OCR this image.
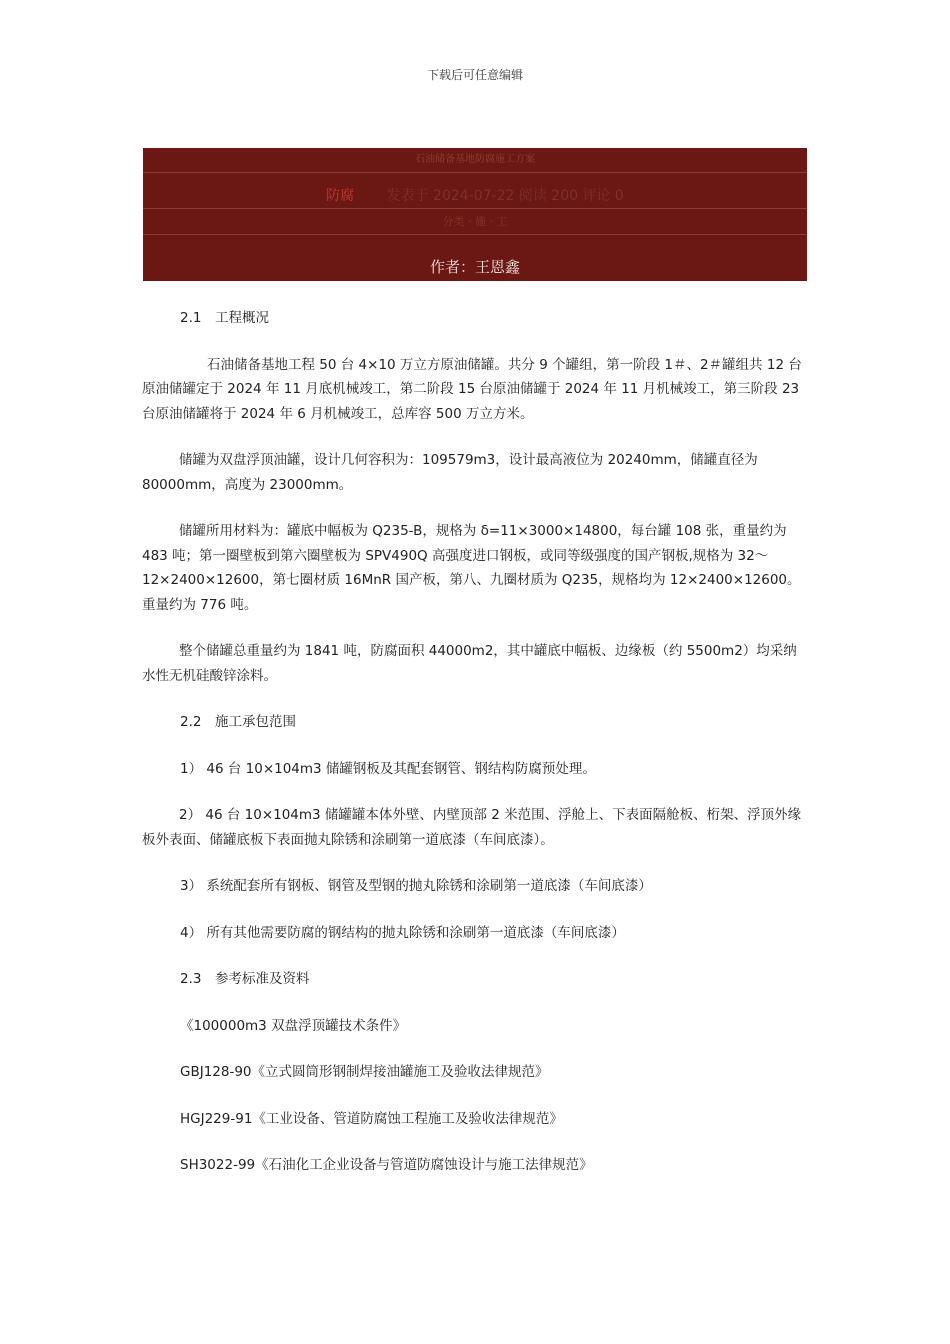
下载后可任意编辑
石油储备基地防腐施工方案
防腐 发表于 2024-07-22 阅读 200 评论 0
分类 · 施 · 工
作者：王恩鑫

2.1　工程概况

石油储备基地工程 50 台 4×10 万立方原油储罐。共分 9 个罐组，第一阶段 1＃、2＃罐组共 12 台原油储罐定于 2024 年 11 月底机械竣工，第二阶段 15 台原油储罐于 2024 年 11 月机械竣工，第三阶段 23 台原油储罐将于 2024 年 6 月机械竣工，总库容 500 万立方米。

储罐为双盘浮顶油罐，设计几何容积为：109579m3，设计最高液位为 20240mm，储罐直径为 80000mm，高度为 23000mm。

储罐所用材料为：罐底中幅板为 Q235-B，规格为 δ=11×3000×14800，每台罐 108 张，重量约为 483 吨；第一圈壁板到第六圈壁板为 SPV490Q 高强度进口钢板，或同等级强度的国产钢板,规格为 32～12×2400×12600，第七圈材质 16MnR 国产板，第八、九圈材质为 Q235，规格均为 12×2400×12600。重量约为 776 吨。

整个储罐总重量约为 1841 吨，防腐面积 44000m2，其中罐底中幅板、边缘板（约 5500m2）均采纳水性无机硅酸锌涂料。

2.2　施工承包范围

1） 46 台 10×104m3 储罐钢板及其配套钢管、钢结构防腐预处理。

2） 46 台 10×104m3 储罐罐本体外壁、内壁顶部 2 米范围、浮舱上、下表面隔舱板、桁架、浮顶外缘板外表面、储罐底板下表面抛丸除锈和涂刷第一道底漆（车间底漆）。

3） 系统配套所有钢板、钢管及型钢的抛丸除锈和涂刷第一道底漆（车间底漆）

4） 所有其他需要防腐的钢结构的抛丸除锈和涂刷第一道底漆（车间底漆）

2.3　参考标准及资料

《100000m3 双盘浮顶罐技术条件》

GBJ128-90《立式圆筒形钢制焊接油罐施工及验收法律规范》

HGJ229-91《工业设备、管道防腐蚀工程施工及验收法律规范》

SH3022-99《石油化工企业设备与管道防腐蚀设计与施工法律规范》
